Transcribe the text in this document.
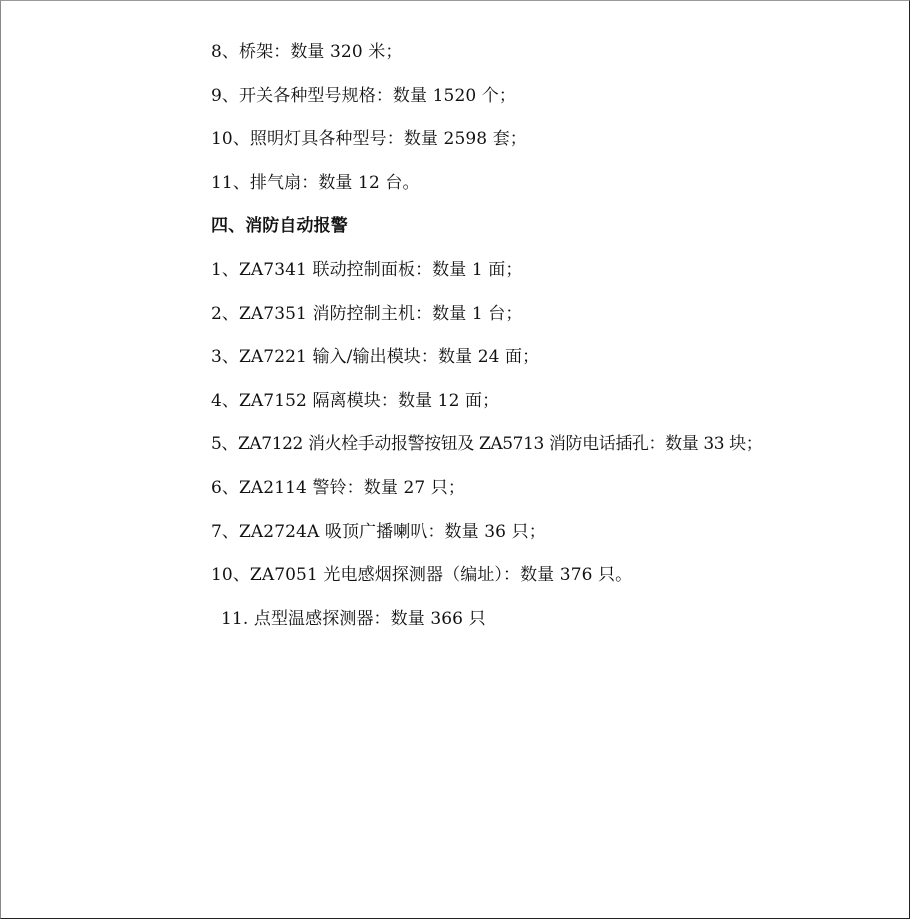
8、桥架：数量 320 米；
9、开关各种型号规格：数量 1520 个；
10、照明灯具各种型号：数量 2598 套；
11、排气扇：数量 12 台。
四、消防自动报警
1、ZA7341 联动控制面板：数量 1 面；
2、ZA7351 消防控制主机：数量 1 台；
3、ZA7221 输入/输出模块：数量 24 面；
4、ZA7152 隔离模块：数量 12 面；
5、ZA7122 消火栓手动报警按钮及 ZA5713 消防电话插孔：数量 33 块；
6、ZA2114 警铃：数量 27 只；
7、ZA2724A 吸顶广播喇叭：数量 36 只；
10、ZA7051 光电感烟探测器（编址）：数量 376 只。
11. 点型温感探测器：数量 366 只
